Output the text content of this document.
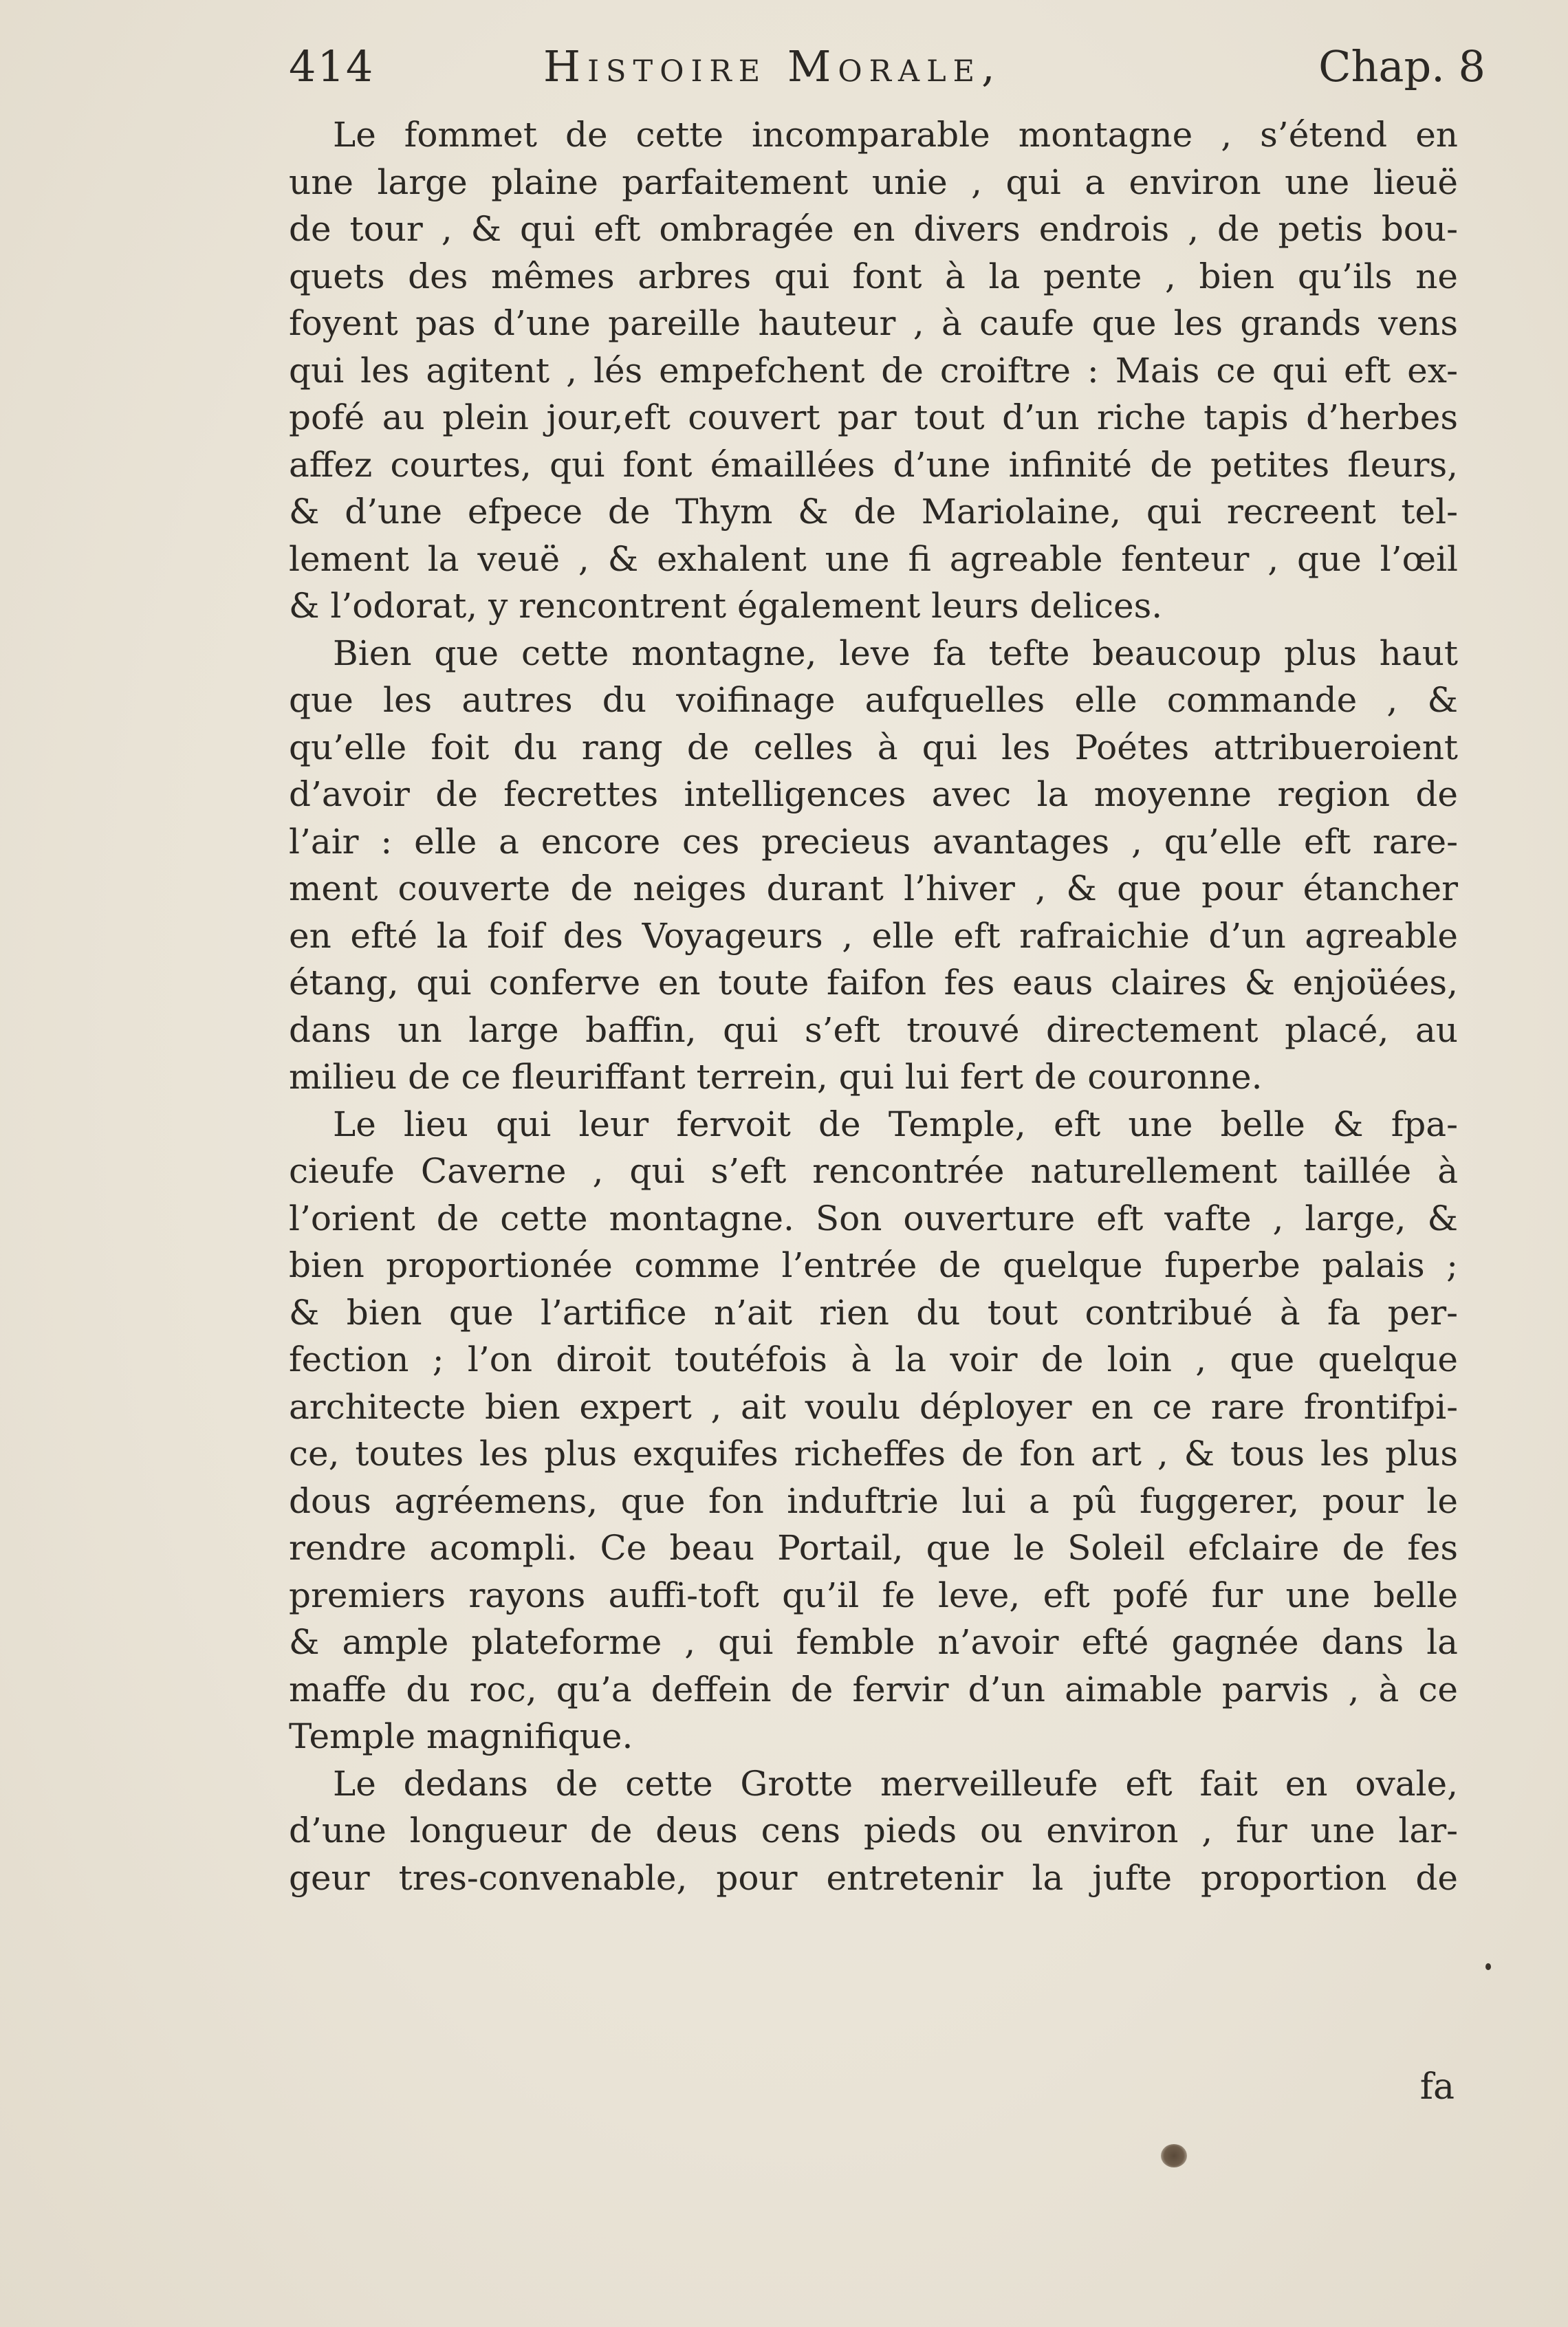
414	Histoire Morale,	Chap. 8
Le fommet de cette incomparable montagne , s’étend en
une large plaine parfaitement unie , qui a environ une lieuë
de tour , & qui eft ombragée en divers endrois , de petis bou-
quets des mêmes arbres qui font à la pente , bien qu’ils ne
foyent pas d’une pareille hauteur , à caufe que les grands vens
qui les agitent , lés empefchent de croiftre : Mais ce qui eft ex-
pofé au plein jour,eft couvert par tout d’un riche tapis d’herbes
affez courtes, qui font émaillées d’une infinité de petites fleurs,
& d’une efpece de Thym & de Mariolaine, qui recreent tel-
lement la veuë , & exhalent une fi agreable fenteur , que l’œil
& l’odorat, y rencontrent également leurs delices.
Bien que cette montagne, leve fa tefte beaucoup plus haut
que les autres du voifinage aufquelles elle commande , &
qu’elle foit du rang de celles à qui les Poétes attribueroient
d’avoir de fecrettes intelligences avec la moyenne region de
l’air : elle a encore ces precieus avantages , qu’elle eft rare-
ment couverte de neiges durant l’hiver , & que pour étancher
en efté la foif des Voyageurs , elle eft rafraichie d’un agreable
étang, qui conferve en toute faifon fes eaus claires & enjoüées,
dans un large baffin, qui s’eft trouvé directement placé, au
milieu de ce fleuriffant terrein, qui lui fert de couronne.
Le lieu qui leur fervoit de Temple, eft une belle & fpa-
cieufe Caverne , qui s’eft rencontrée naturellement taillée à
l’orient de cette montagne. Son ouverture eft vafte , large, &
bien proportionée comme l’entrée de quelque fuperbe palais ;
& bien que l’artifice n’ait rien du tout contribué à fa per-
fection ; l’on diroit toutéfois à la voir de loin , que quelque
architecte bien expert , ait voulu déployer en ce rare frontifpi-
ce, toutes les plus exquifes richeffes de fon art , & tous les plus
dous agréemens, que fon induftrie lui a pû fuggerer, pour le
rendre acompli. Ce beau Portail, que le Soleil efclaire de fes
premiers rayons auffi-toft qu’il fe leve, eft pofé fur une belle
& ample plateforme , qui femble n’avoir efté gagnée dans la
maffe du roc, qu’a deffein de fervir d’un aimable parvis , à ce
Temple magnifique.
Le dedans de cette Grotte merveilleufe eft fait en ovale,
d’une longueur de deus cens pieds ou environ , fur une lar-
geur tres-convenable, pour entretenir la jufte proportion de
fa
